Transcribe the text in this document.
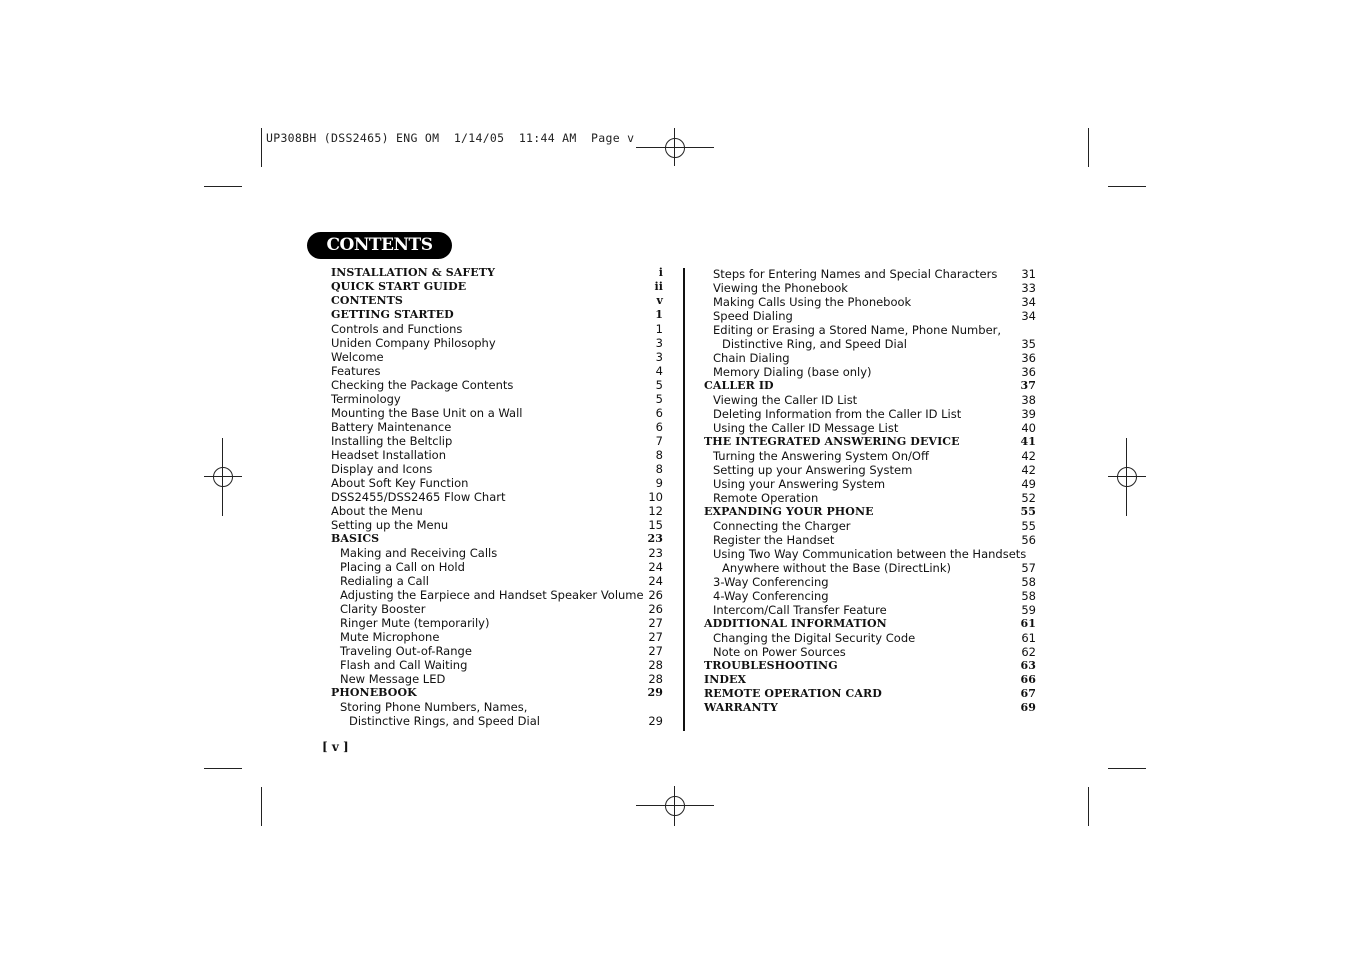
UP308BH (DSS2465) ENG OM  1/14/05  11:44 AM  Page v
CONTENTS
INSTALLATION & SAFETY	i
QUICK START GUIDE	ii
CONTENTS	v
GETTING STARTED	1
Controls and Functions	1
Uniden Company Philosophy	3
Welcome	3
Features	4
Checking the Package Contents	5
Terminology	5
Mounting the Base Unit on a Wall	6
Battery Maintenance	6
Installing the Beltclip	7
Headset Installation	8
Display and Icons	8
About Soft Key Function	9
DSS2455/DSS2465 Flow Chart	10
About the Menu	12
Setting up the Menu	15
BASICS	23
Making and Receiving Calls	23
Placing a Call on Hold	24
Redialing a Call	24
Adjusting the Earpiece and Handset Speaker Volume 26
Clarity Booster	26
Ringer Mute (temporarily)	27
Mute Microphone	27
Traveling Out-of-Range	27
Flash and Call Waiting	28
New Message LED	28
PHONEBOOK	29
Storing Phone Numbers, Names,
Distinctive Rings, and Speed Dial	29
Steps for Entering Names and Special Characters 31
Viewing the Phonebook	33
Making Calls Using the Phonebook	34
Speed Dialing	34
Editing or Erasing a Stored Name, Phone Number,
Distinctive Ring, and Speed Dial	35
Chain Dialing	36
Memory Dialing (base only)	36
CALLER ID	37
Viewing the Caller ID List	38
Deleting Information from the Caller ID List	39
Using the Caller ID Message List	40
THE INTEGRATED ANSWERING DEVICE	41
Turning the Answering System On/Off	42
Setting up your Answering System	42
Using your Answering System	49
Remote Operation	52
EXPANDING YOUR PHONE	55
Connecting the Charger	55
Register the Handset	56
Using Two Way Communication between the Handsets
Anywhere without the Base (DirectLink)	57
3-Way Conferencing	58
4-Way Conferencing	58
Intercom/Call Transfer Feature	59
ADDITIONAL INFORMATION	61
Changing the Digital Security Code	61
Note on Power Sources	62
TROUBLESHOOTING	63
INDEX	66
REMOTE OPERATION CARD	67
WARRANTY	69
[ v ]
